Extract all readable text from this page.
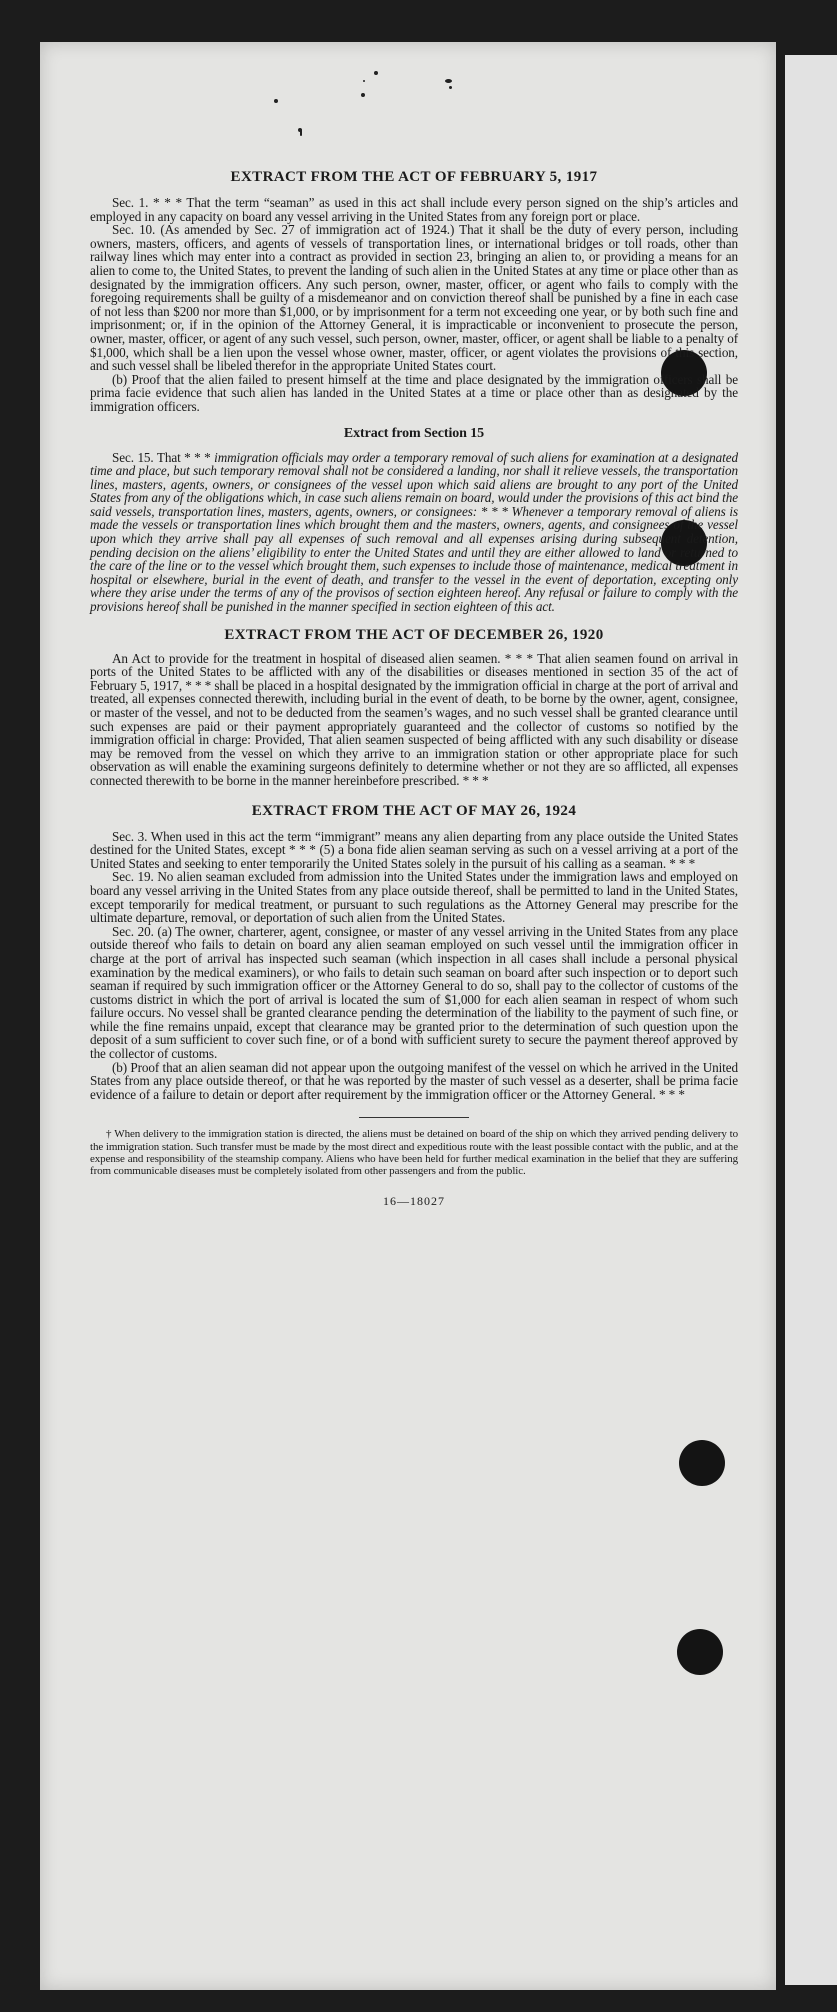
EXTRACT FROM THE ACT OF FEBRUARY 5, 1917

Sec. 1. * * * That the term “seaman” as used in this act shall include every person signed on the ship’s articles and employed in any capacity on board any vessel arriving in the United States from any foreign port or place.

Sec. 10. (As amended by Sec. 27 of immigration act of 1924.) That it shall be the duty of every person, including owners, masters, officers, and agents of vessels of transportation lines, or international bridges or toll roads, other than railway lines which may enter into a contract as provided in section 23, bringing an alien to, or providing a means for an alien to come to, the United States, to prevent the landing of such alien in the United States at any time or place other than as designated by the immigration officers. Any such person, owner, master, officer, or agent who fails to comply with the foregoing requirements shall be guilty of a misdemeanor and on conviction thereof shall be punished by a fine in each case of not less than $200 nor more than $1,000, or by imprisonment for a term not exceeding one year, or by both such fine and imprisonment; or, if in the opinion of the Attorney General, it is impracticable or inconvenient to prosecute the person, owner, master, officer, or agent of any such vessel, such person, owner, master, officer, or agent shall be liable to a penalty of $1,000, which shall be a lien upon the vessel whose owner, master, officer, or agent violates the provisions of this section, and such vessel shall be libeled therefor in the appropriate United States court.

(b) Proof that the alien failed to present himself at the time and place designated by the immigration officers shall be prima facie evidence that such alien has landed in the United States at a time or place other than as designated by the immigration officers.

Extract from Section 15

Sec. 15. That * * * immigration officials may order a temporary removal of such aliens for examination at a designated time and place, but such temporary removal shall not be considered a landing, nor shall it relieve vessels, the transportation lines, masters, agents, owners, or consignees of the vessel upon which said aliens are brought to any port of the United States from any of the obligations which, in case such aliens remain on board, would under the provisions of this act bind the said vessels, transportation lines, masters, agents, owners, or consignees: * * * Whenever a temporary removal of aliens is made the vessels or transportation lines which brought them and the masters, owners, agents, and consignees of the vessel upon which they arrive shall pay all expenses of such removal and all expenses arising during subsequent detention, pending decision on the aliens’ eligibility to enter the United States and until they are either allowed to land or returned to the care of the line or to the vessel which brought them, such expenses to include those of maintenance, medical treatment in hospital or elsewhere, burial in the event of death, and transfer to the vessel in the event of deportation, excepting only where they arise under the terms of any of the provisos of section eighteen hereof. Any refusal or failure to comply with the provisions hereof shall be punished in the manner specified in section eighteen of this act.

EXTRACT FROM THE ACT OF DECEMBER 26, 1920

An Act to provide for the treatment in hospital of diseased alien seamen. * * * That alien seamen found on arrival in ports of the United States to be afflicted with any of the disabilities or diseases mentioned in section 35 of the act of February 5, 1917, * * * shall be placed in a hospital designated by the immigration official in charge at the port of arrival and treated, all expenses connected therewith, including burial in the event of death, to be borne by the owner, agent, consignee, or master of the vessel, and not to be deducted from the seamen’s wages, and no such vessel shall be granted clearance until such expenses are paid or their payment appropriately guaranteed and the collector of customs so notified by the immigration official in charge: Provided, That alien seamen suspected of being afflicted with any such disability or disease may be removed from the vessel on which they arrive to an immigration station or other appropriate place for such observation as will enable the examining surgeons definitely to determine whether or not they are so afflicted, all expenses connected therewith to be borne in the manner hereinbefore prescribed. * * *

EXTRACT FROM THE ACT OF MAY 26, 1924

Sec. 3. When used in this act the term “immigrant” means any alien departing from any place outside the United States destined for the United States, except * * * (5) a bona fide alien seaman serving as such on a vessel arriving at a port of the United States and seeking to enter temporarily the United States solely in the pursuit of his calling as a seaman. * * *

Sec. 19. No alien seaman excluded from admission into the United States under the immigration laws and employed on board any vessel arriving in the United States from any place outside thereof, shall be permitted to land in the United States, except temporarily for medical treatment, or pursuant to such regulations as the Attorney General may prescribe for the ultimate departure, removal, or deportation of such alien from the United States.

Sec. 20. (a) The owner, charterer, agent, consignee, or master of any vessel arriving in the United States from any place outside thereof who fails to detain on board any alien seaman employed on such vessel until the immigration officer in charge at the port of arrival has inspected such seaman (which inspection in all cases shall include a personal physical examination by the medical examiners), or who fails to detain such seaman on board after such inspection or to deport such seaman if required by such immigration officer or the Attorney General to do so, shall pay to the collector of customs of the customs district in which the port of arrival is located the sum of $1,000 for each alien seaman in respect of whom such failure occurs. No vessel shall be granted clearance pending the determination of the liability to the payment of such fine, or while the fine remains unpaid, except that clearance may be granted prior to the determination of such question upon the deposit of a sum sufficient to cover such fine, or of a bond with sufficient surety to secure the payment thereof approved by the collector of customs.

(b) Proof that an alien seaman did not appear upon the outgoing manifest of the vessel on which he arrived in the United States from any place outside thereof, or that he was reported by the master of such vessel as a deserter, shall be prima facie evidence of a failure to detain or deport after requirement by the immigration officer or the Attorney General. * * *

† When delivery to the immigration station is directed, the aliens must be detained on board of the ship on which they arrived pending delivery to the immigration station. Such transfer must be made by the most direct and expeditious route with the least possible contact with the public, and at the expense and responsibility of the steamship company. Aliens who have been held for further medical examination in the belief that they are suffering from communicable diseases must be completely isolated from other passengers and from the public.

16—18027
